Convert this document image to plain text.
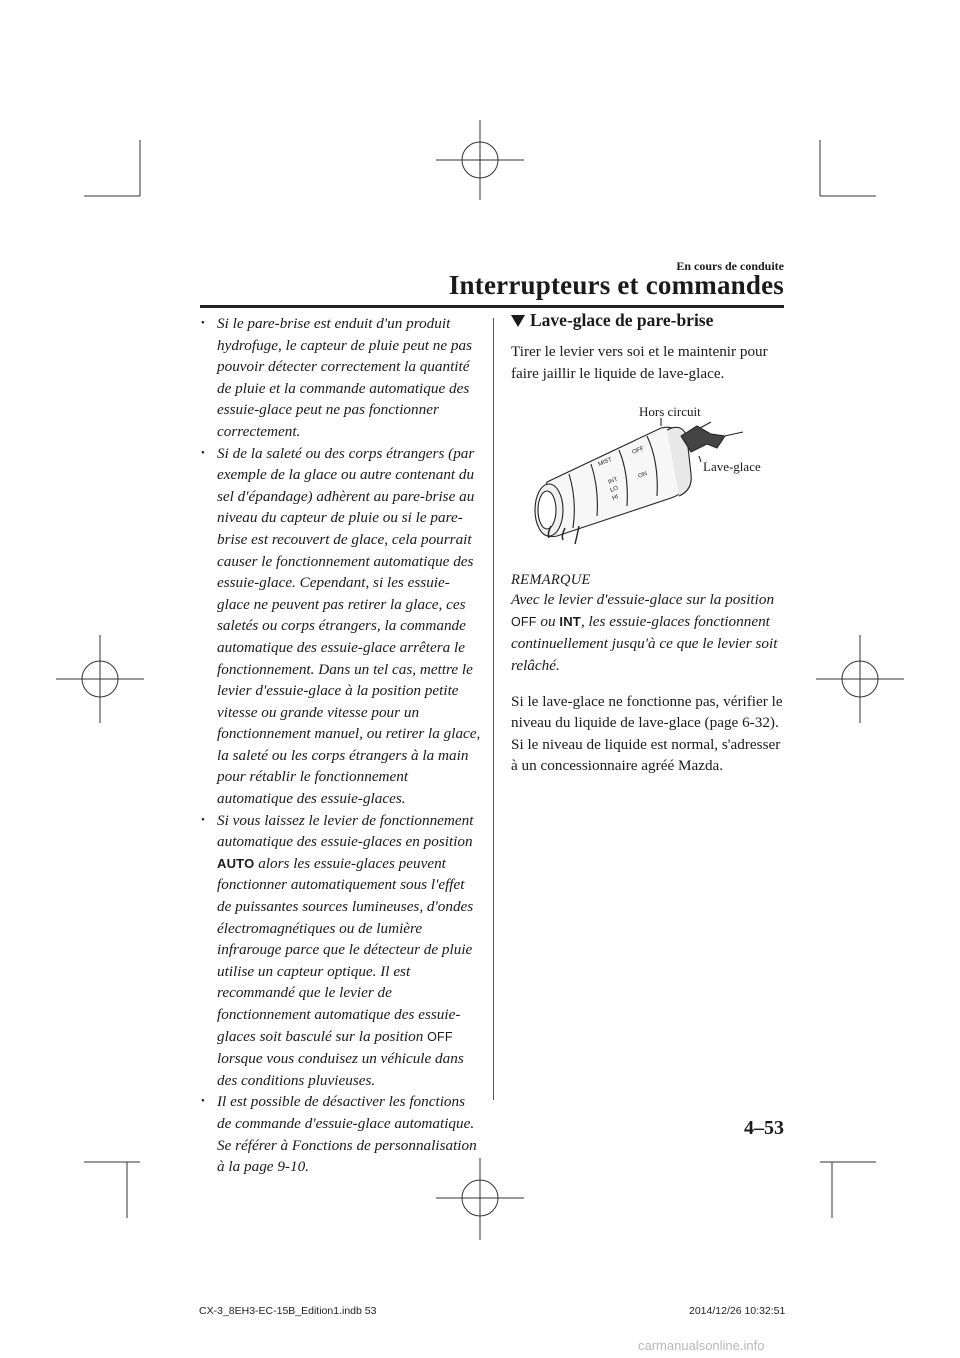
En cours de conduite
Interrupteurs et commandes
• Si le pare-brise est enduit d'un produit hydrofuge, le capteur de pluie peut ne pas pouvoir détecter correctement la quantité de pluie et la commande automatique des essuie-glace peut ne pas fonctionner correctement.
• Si de la saleté ou des corps étrangers (par exemple de la glace ou autre contenant du sel d'épandage) adhèrent au pare-brise au niveau du capteur de pluie ou si le pare-brise est recouvert de glace, cela pourrait causer le fonctionnement automatique des essuie-glace. Cependant, si les essuie-glace ne peuvent pas retirer la glace, ces saletés ou corps étrangers, la commande automatique des essuie-glace arrêtera le fonctionnement. Dans un tel cas, mettre le levier d'essuie-glace à la position petite vitesse ou grande vitesse pour un fonctionnement manuel, ou retirer la glace, la saleté ou les corps étrangers à la main pour rétablir le fonctionnement automatique des essuie-glaces.
• Si vous laissez le levier de fonctionnement automatique des essuie-glaces en position AUTO alors les essuie-glaces peuvent fonctionner automatiquement sous l'effet de puissantes sources lumineuses, d'ondes électromagnétiques ou de lumière infrarouge parce que le détecteur de pluie utilise un capteur optique. Il est recommandé que le levier de fonctionnement automatique des essuie-glaces soit basculé sur la position OFF lorsque vous conduisez un véhicule dans des conditions pluvieuses.
• Il est possible de désactiver les fonctions de commande d'essuie-glace automatique. Se référer à Fonctions de personnalisation à la page 9-10.
Lave-glace de pare-brise

Tirer le levier vers soi et le maintenir pour faire jaillir le liquide de lave-glace.

Hors circuit
Lave-glace
MIST
OFF
INT
LO
HI
ON

REMARQUE

Avec le levier d'essuie-glace sur la position OFF ou INT, les essuie-glaces fonctionnent continuellement jusqu'à ce que le levier soit relâché.

Si le lave-glace ne fonctionne pas, vérifier le niveau du liquide de lave-glace (page 6-32). Si le niveau de liquide est normal, s'adresser à un concessionnaire agréé Mazda.

4–53
CX-3_8EH3-EC-15B_Edition1.indb 53	2014/12/26 10:32:51
carmanualsonline.info
